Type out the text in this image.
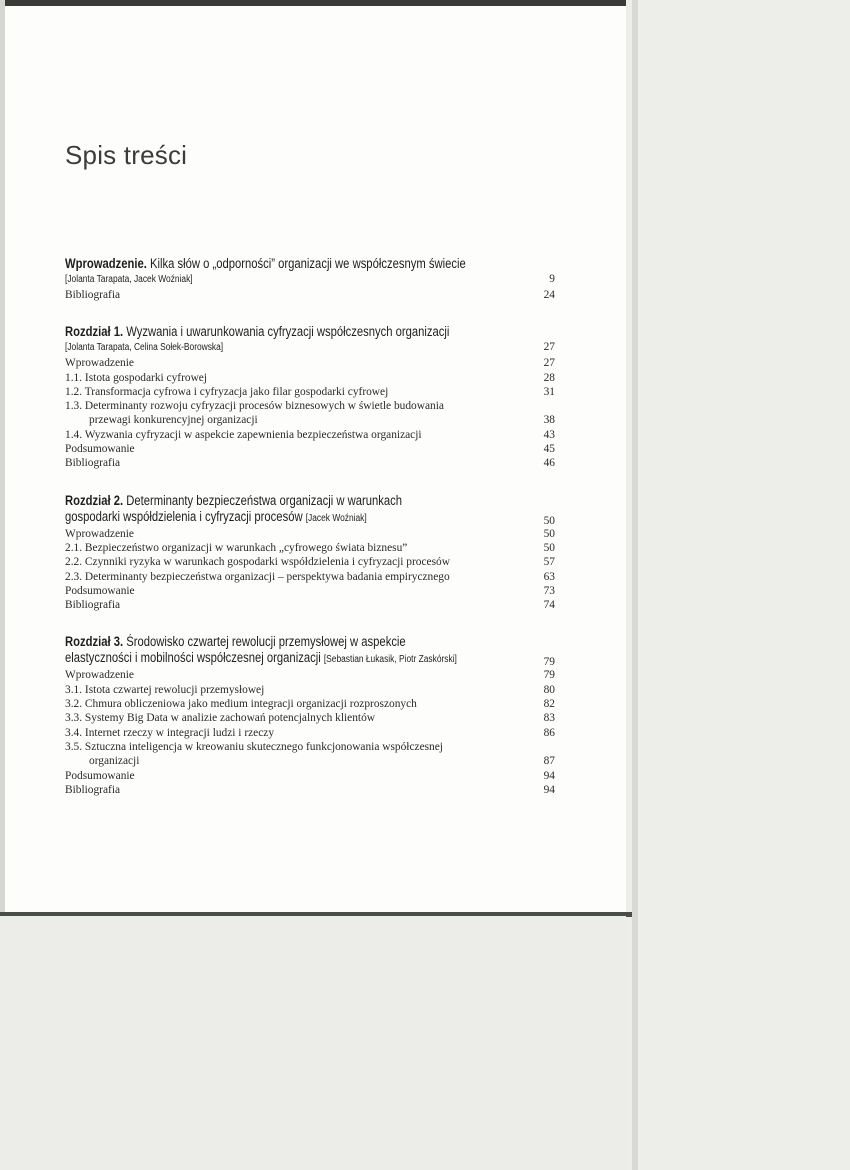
Spis treści
Wprowadzenie. Kilka słów o „odporności” organizacji we współczesnym świecie
[Jolanta Tarapata, Jacek Woźniak]	9
Bibliografia	24
Rozdział 1. Wyzwania i uwarunkowania cyfryzacji współczesnych organizacji
[Jolanta Tarapata, Celina Sołek-Borowska]	27
Wprowadzenie	27
1.1. Istota gospodarki cyfrowej	28
1.2. Transformacja cyfrowa i cyfryzacja jako filar gospodarki cyfrowej	31
1.3. Determinanty rozwoju cyfryzacji procesów biznesowych w świetle budowania
przewagi konkurencyjnej organizacji	38
1.4. Wyzwania cyfryzacji w aspekcie zapewnienia bezpieczeństwa organizacji	43
Podsumowanie	45
Bibliografia	46
Rozdział 2. Determinanty bezpieczeństwa organizacji w warunkach
gospodarki współdzielenia i cyfryzacji procesów [Jacek Woźniak]	50
Wprowadzenie	50
2.1. Bezpieczeństwo organizacji w warunkach „cyfrowego świata biznesu”	50
2.2. Czynniki ryzyka w warunkach gospodarki współdzielenia i cyfryzacji procesów	57
2.3. Determinanty bezpieczeństwa organizacji – perspektywa badania empirycznego	63
Podsumowanie	73
Bibliografia	74
Rozdział 3. Środowisko czwartej rewolucji przemysłowej w aspekcie
elastyczności i mobilności współczesnej organizacji [Sebastian Łukasik, Piotr Zaskórski]	79
Wprowadzenie	79
3.1. Istota czwartej rewolucji przemysłowej	80
3.2. Chmura obliczeniowa jako medium integracji organizacji rozproszonych	82
3.3. Systemy Big Data w analizie zachowań potencjalnych klientów	83
3.4. Internet rzeczy w integracji ludzi i rzeczy	86
3.5. Sztuczna inteligencja w kreowaniu skutecznego funkcjonowania współczesnej
organizacji	87
Podsumowanie	94
Bibliografia	94
